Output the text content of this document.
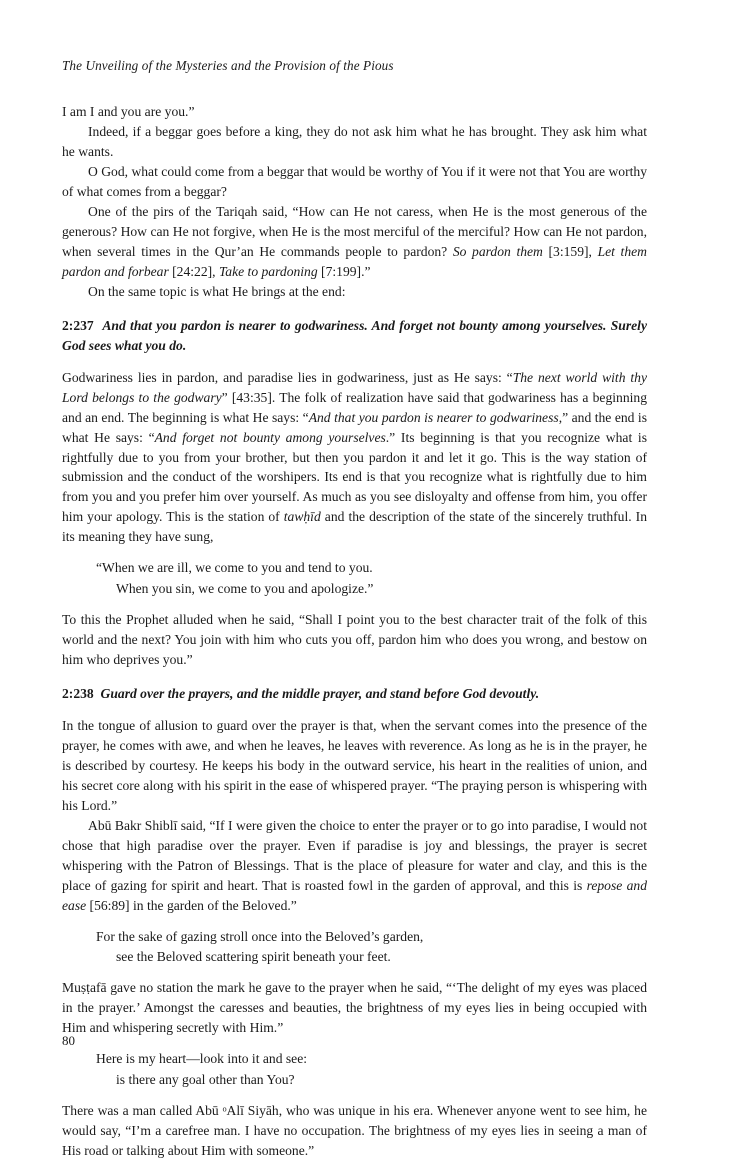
The Unveiling of the Mysteries and the Provision of the Pious

I am I and you are you.”

Indeed, if a beggar goes before a king, they do not ask him what he has brought. They ask him what he wants.

O God, what could come from a beggar that would be worthy of You if it were not that You are worthy of what comes from a beggar?

One of the pirs of the Tariqah said, “How can He not caress, when He is the most generous of the generous? How can He not forgive, when He is the most merciful of the merciful? How can He not pardon, when several times in the Qur’an He commands people to pardon? So pardon them [3:159], Let them pardon and forbear [24:22], Take to pardoning [7:199].”

On the same topic is what He brings at the end:

2:237 And that you pardon is nearer to godwariness. And forget not bounty among yourselves. Surely God sees what you do.

Godwariness lies in pardon, and paradise lies in godwariness, just as He says: “The next world with thy Lord belongs to the godwary” [43:35]. The folk of realization have said that godwariness has a beginning and an end. The beginning is what He says: “And that you pardon is nearer to godwariness,” and the end is what He says: “And forget not bounty among yourselves.” Its beginning is that you recognize what is rightfully due to you from your brother, but then you pardon it and let it go. This is the way station of submission and the conduct of the worshipers. Its end is that you recognize what is rightfully due to him from you and you prefer him over yourself. As much as you see disloyalty and offense from him, you offer him your apology. This is the station of tawḥīd and the description of the state of the sincerely truthful. In its meaning they have sung,

“When we are ill, we come to you and tend to you.
When you sin, we come to you and apologize.”

To this the Prophet alluded when he said, “Shall I point you to the best character trait of the folk of this world and the next? You join with him who cuts you off, pardon him who does you wrong, and bestow on him who deprives you.”

2:238 Guard over the prayers, and the middle prayer, and stand before God devoutly.

In the tongue of allusion to guard over the prayer is that, when the servant comes into the presence of the prayer, he comes with awe, and when he leaves, he leaves with reverence. As long as he is in the prayer, he is described by courtesy. He keeps his body in the outward service, his heart in the realities of union, and his secret core along with his spirit in the ease of whispered prayer. “The praying person is whispering with his Lord.”

Abū Bakr Shiblī said, “If I were given the choice to enter the prayer or to go into paradise, I would not chose that high paradise over the prayer. Even if paradise is joy and blessings, the prayer is secret whispering with the Patron of Blessings. That is the place of pleasure for water and clay, and this is the place of gazing for spirit and heart. That is roasted fowl in the garden of approval, and this is repose and ease [56:89] in the garden of the Beloved.”

For the sake of gazing stroll once into the Beloved’s garden,
see the Beloved scattering spirit beneath your feet.

Muṣṭafā gave no station the mark he gave to the prayer when he said, “‘The delight of my eyes was placed in the prayer.’ Amongst the caresses and beauties, the brightness of my eyes lies in being occupied with Him and whispering secretly with Him.”

Here is my heart—look into it and see:
is there any goal other than You?

There was a man called Abū ᵒAlī Siyāh, who was unique in his era. Whenever anyone went to see him, he would say, “I’m a carefree man. I have no occupation. The brightness of my eyes lies in seeing a man of His road or talking about Him with someone.”

80
